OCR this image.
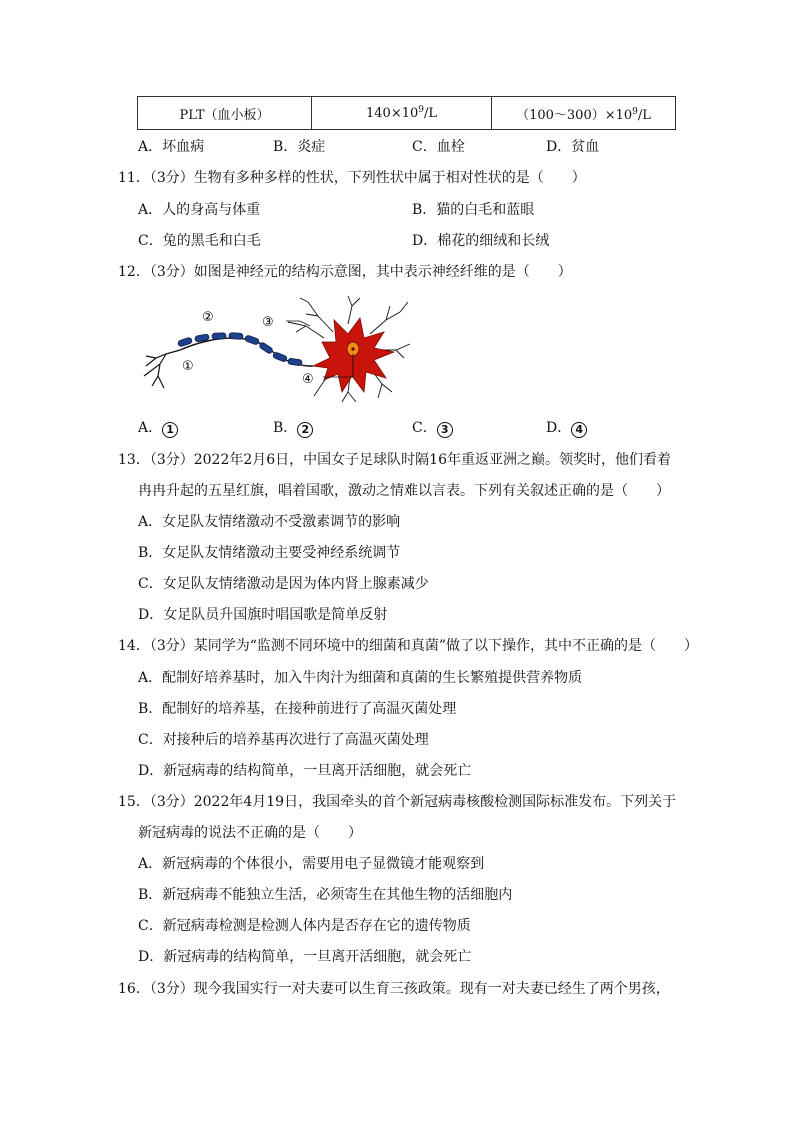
PLT（血小板）	$140\times 10^9/L$	$(100\sim 300)\times 10^9/L$
A．坏血病	B．炎症	C．血栓	D．贫血
11．（3分）生物有多种多样的性状，下列性状中属于相对性状的是（　　）
A．人的身高与体重	B．猫的白毛和蓝眼
C．兔的黑毛和白毛	D．棉花的细绒和长绒
12．（3分）如图是神经元的结构示意图，其中表示神经纤维的是（　　）
①
②	③
④
A． 1	B． 2	C． 3	D． 4
13．（3分）2022年2月6日，中国女子足球队时隔16年重返亚洲之巅。领奖时，他们看着
冉冉升起的五星红旗，唱着国歌，激动之情难以言表。下列有关叙述正确的是（　　）
A．女足队友情绪激动不受激素调节的影响
B．女足队友情绪激动主要受神经系统调节
C．女足队友情绪激动是因为体内肾上腺素减少
D．女足队员升国旗时唱国歌是简单反射
14．（3分）某同学为“监测不同环境中的细菌和真菌”做了以下操作，其中不正确的是（　　）
A．配制好培养基时，加入牛肉汁为细菌和真菌的生长繁殖提供营养物质
B．配制好的培养基，在接种前进行了高温灭菌处理
C．对接种后的培养基再次进行了高温灭菌处理
D．新冠病毒的结构简单，一旦离开活细胞，就会死亡
15．（3分）2022年4月19日，我国牵头的首个新冠病毒核酸检测国际标准发布。下列关于
新冠病毒的说法不正确的是（　　）
A．新冠病毒的个体很小，需要用电子显微镜才能观察到
B．新冠病毒不能独立生活，必须寄生在其他生物的活细胞内
C．新冠病毒检测是检测人体内是否存在它的遗传物质
D．新冠病毒的结构简单，一旦离开活细胞，就会死亡
16．（3分）现今我国实行一对夫妻可以生育三孩政策。现有一对夫妻已经生了两个男孩，
